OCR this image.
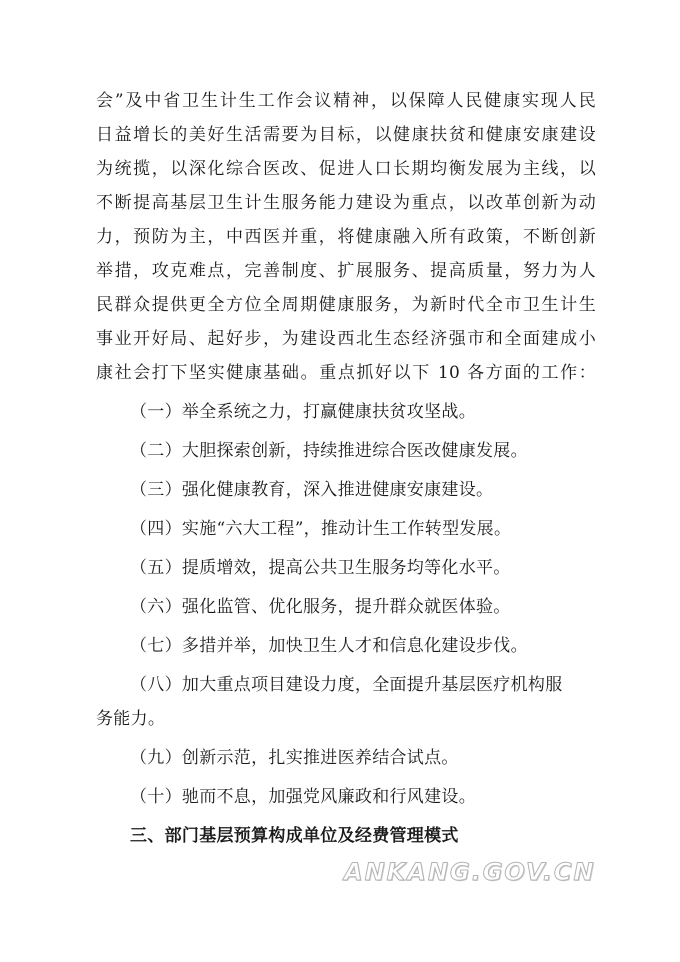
会”及中省卫生计生工作会议精神，以保障人民健康实现人民

日益增长的美好生活需要为目标，以健康扶贫和健康安康建设

为统揽，以深化综合医改、促进人口长期均衡发展为主线，以

不断提高基层卫生计生服务能力建设为重点，以改革创新为动

力，预防为主，中西医并重，将健康融入所有政策，不断创新

举措，攻克难点，完善制度、扩展服务、提高质量，努力为人

民群众提供更全方位全周期健康服务，为新时代全市卫生计生

事业开好局、起好步，为建设西北生态经济强市和全面建成小

康社会打下坚实健康基础。重点抓好以下 10 各方面的工作：

（一）举全系统之力，打赢健康扶贫攻坚战。

（二）大胆探索创新，持续推进综合医改健康发展。

（三）强化健康教育，深入推进健康安康建设。

（四）实施“六大工程”，推动计生工作转型发展。

（五）提质增效，提高公共卫生服务均等化水平。

（六）强化监管、优化服务，提升群众就医体验。

（七）多措并举，加快卫生人才和信息化建设步伐。

（八）加大重点项目建设力度，全面提升基层医疗机构服

务能力。

（九）创新示范，扎实推进医养结合试点。

（十）驰而不息，加强党风廉政和行风建设。

三、部门基层预算构成单位及经费管理模式

ANKANG.GOV.CN
